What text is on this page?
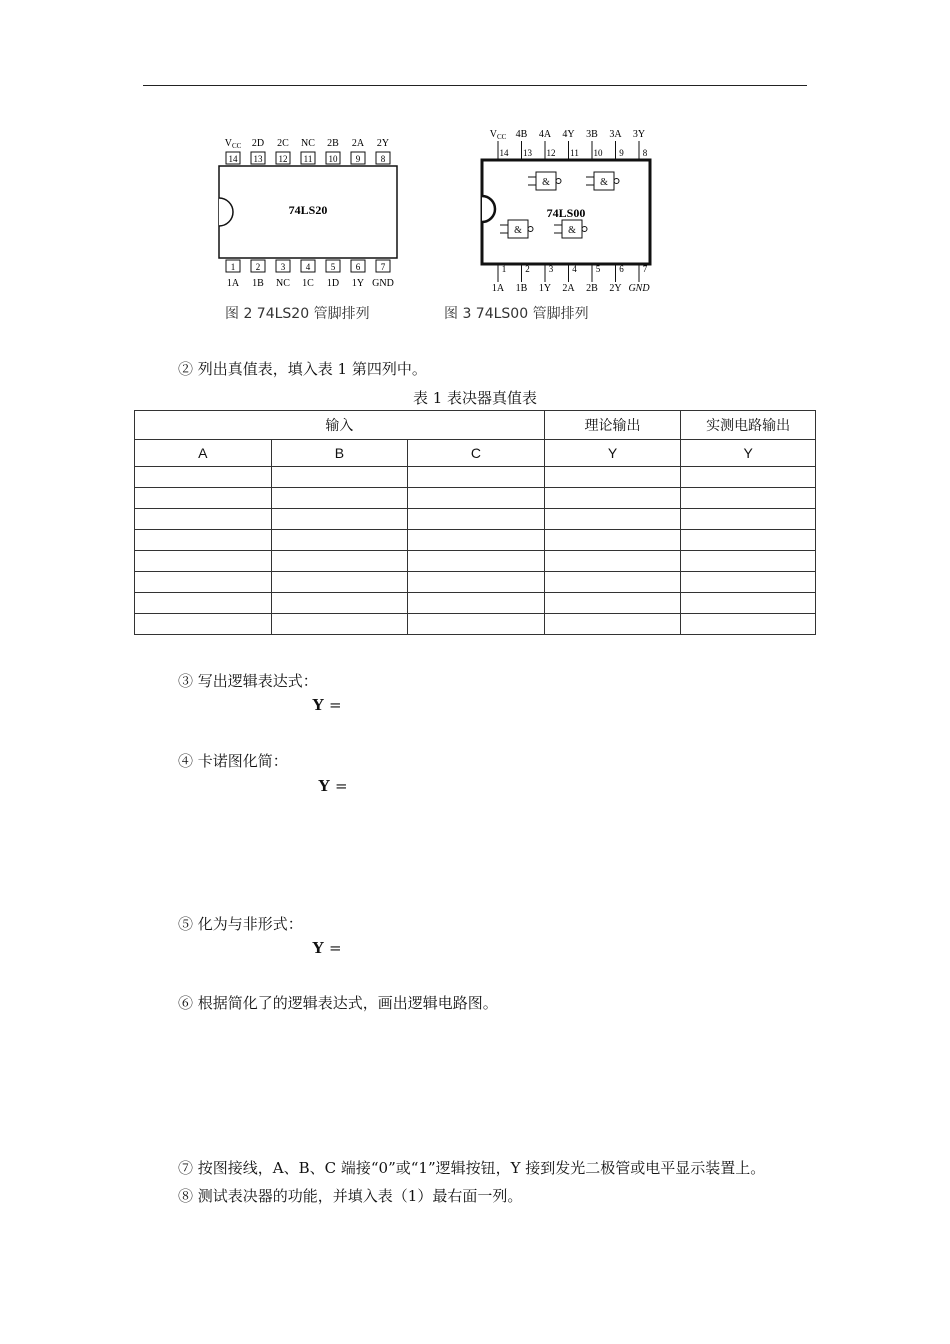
$V_{CC}$
14
2D
13
2C
12
NC
11
2B
10
2A
9
2Y
8
1
1A
2
1B
3
NC
4
1C
5
1D
6
1Y
7
GND
74LS20
图 2 74LS20 管脚排列
$V_{CC}$
14
4B
13
4A
12
4Y
11
3B
10
3A
9
3Y
8
1
1A
2
1B
3
1Y
4
2A
5
2B
6
2Y
7
GND
&	&
&	&
74LS00
图 3 74LS00 管脚排列
② 列出真值表，填入表 1 第四列中。
表 1 表决器真值表
输入			理论输出	实测电路输出
A	B	C	Y	Y

③ 写出逻辑表达式：
Y =
④ 卡诺图化简：
Y =
⑤ 化为与非形式：
Y =
⑥ 根据简化了的逻辑表达式，画出逻辑电路图。
⑦ 按图接线，A、B、C 端接“0”或“1”逻辑按钮，Y 接到发光二极管或电平显示装置上。
⑧ 测试表决器的功能，并填入表（1）最右面一列。
